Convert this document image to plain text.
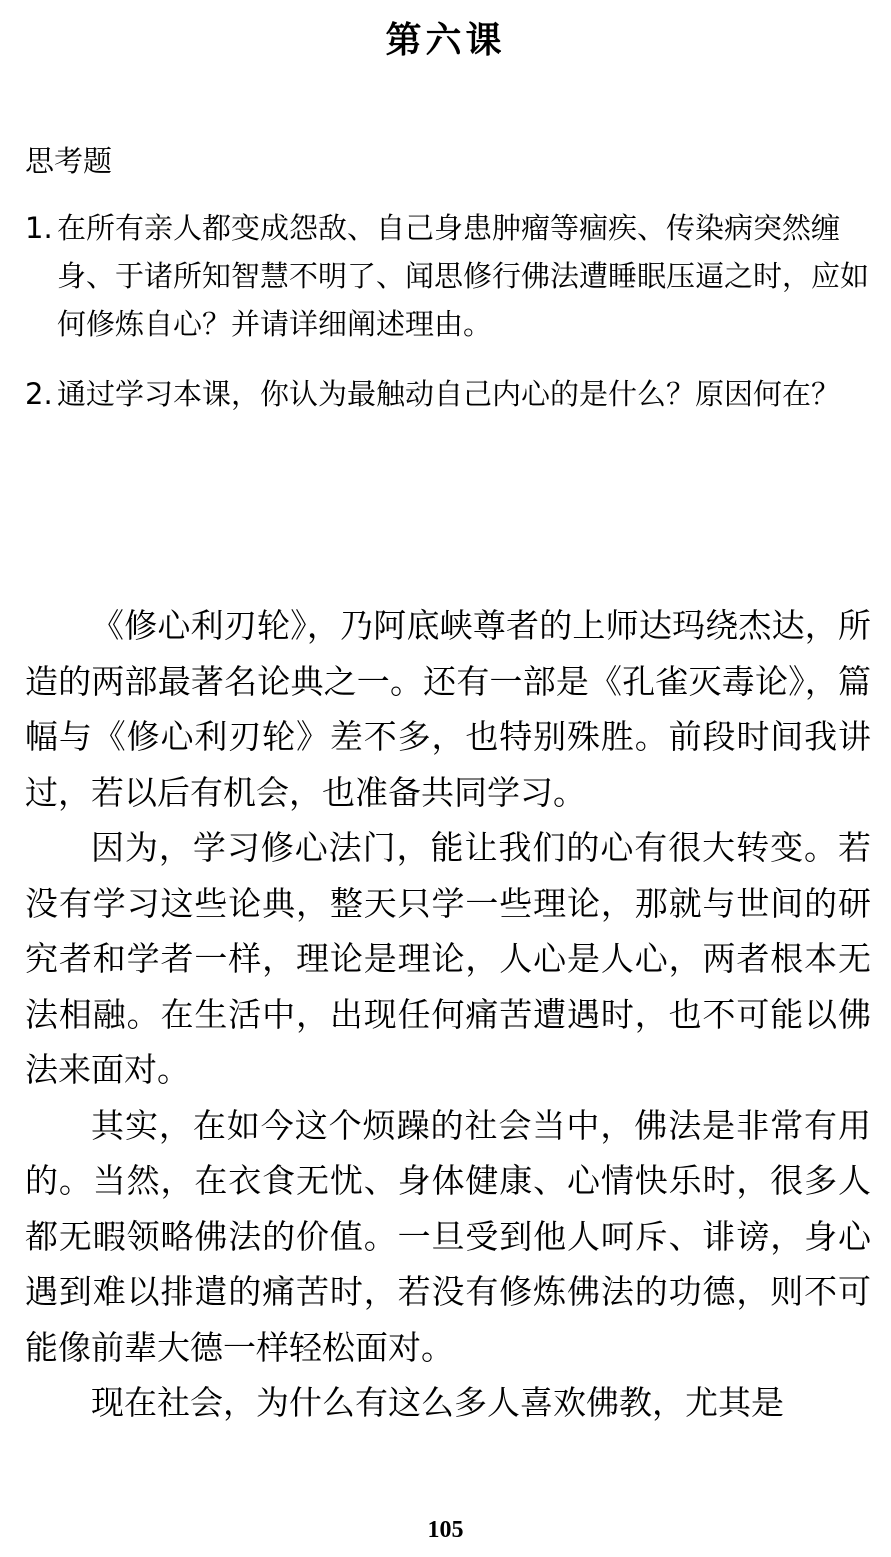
第六课
思考题
1. 在所有亲人都变成怨敌、自己身患肿瘤等痼疾、传染病突然缠身、于诸所知智慧不明了、闻思修行佛法遭睡眠压逼之时，应如何修炼自心？并请详细阐述理由。
2. 通过学习本课，你认为最触动自己内心的是什么？原因何在？

《修心利刃轮》，乃阿底峡尊者的上师达玛绕杰达，所造的两部最著名论典之一。还有一部是《孔雀灭毒论》，篇幅与《修心利刃轮》差不多，也特别殊胜。前段时间我讲过，若以后有机会，也准备共同学习。

因为，学习修心法门，能让我们的心有很大转变。若没有学习这些论典，整天只学一些理论，那就与世间的研究者和学者一样，理论是理论，人心是人心，两者根本无法相融。在生活中，出现任何痛苦遭遇时，也不可能以佛法来面对。

其实，在如今这个烦躁的社会当中，佛法是非常有用的。当然，在衣食无忧、身体健康、心情快乐时，很多人都无暇领略佛法的价值。一旦受到他人呵斥、诽谤，身心遇到难以排遣的痛苦时，若没有修炼佛法的功德，则不可能像前辈大德一样轻松面对。

现在社会，为什么有这么多人喜欢佛教，尤其是

105
